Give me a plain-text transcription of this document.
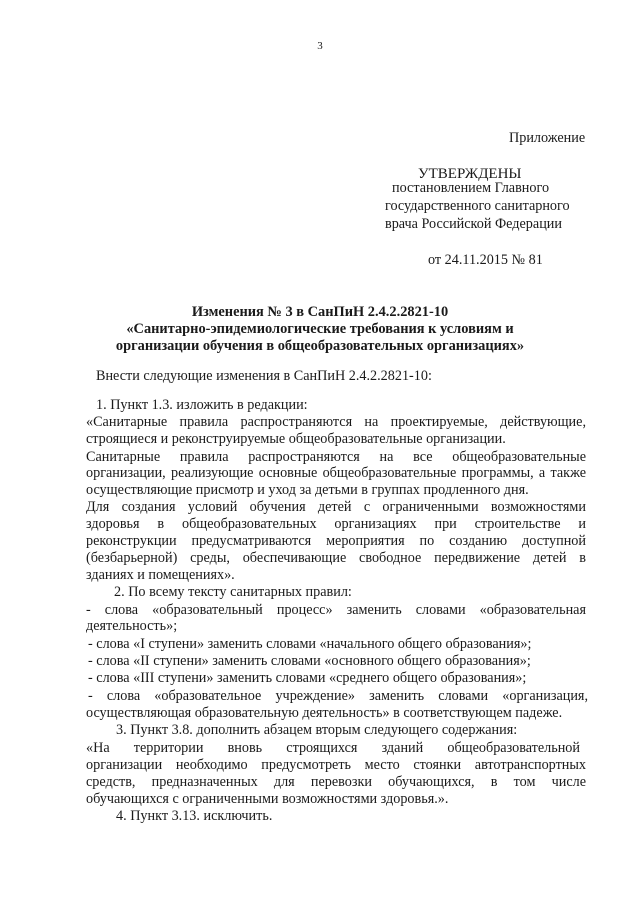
3
Приложение
УТВЕРЖДЕНЫ
постановлением Главного
государственного санитарного
врача Российской Федерации
от 24.11.2015 № 81
Изменения № 3 в СанПиН 2.4.2.2821-10
«Санитарно-эпидемиологические требования к условиям и
организации обучения в общеобразовательных организациях»
Внести следующие изменения в СанПиН 2.4.2.2821-10:
1. Пункт 1.3. изложить в редакции:
«Санитарные правила распространяются на проектируемые, действующие,
строящиеся и реконструируемые общеобразовательные организации.
Санитарные правила распространяются на все общеобразовательные
организации, реализующие основные общеобразовательные программы, а также
осуществляющие присмотр и уход за детьми в группах продленного дня.
Для создания условий обучения детей с ограниченными возможностями
здоровья в общеобразовательных организациях при строительстве и
реконструкции предусматриваются мероприятия по созданию доступной
(безбарьерной) среды, обеспечивающие свободное передвижение детей в
зданиях и помещениях».
2. По всему тексту санитарных правил:
- слова «образовательный процесс» заменить словами «образовательная
деятельность»;
- слова «I ступени» заменить словами «начального общего образования»;
- слова «II ступени» заменить словами «основного общего образования»;
- слова «III ступени» заменить словами «среднего общего образования»;
- слова «образовательное учреждение» заменить словами «организация,
осуществляющая образовательную деятельность» в соответствующем падеже.
3. Пункт 3.8. дополнить абзацем вторым следующего содержания:
«На территории вновь строящихся зданий общеобразовательной
организации необходимо предусмотреть место стоянки автотранспортных
средств, предназначенных для перевозки обучающихся, в том числе
обучающихся с ограниченными возможностями здоровья.».
4. Пункт 3.13. исключить.
